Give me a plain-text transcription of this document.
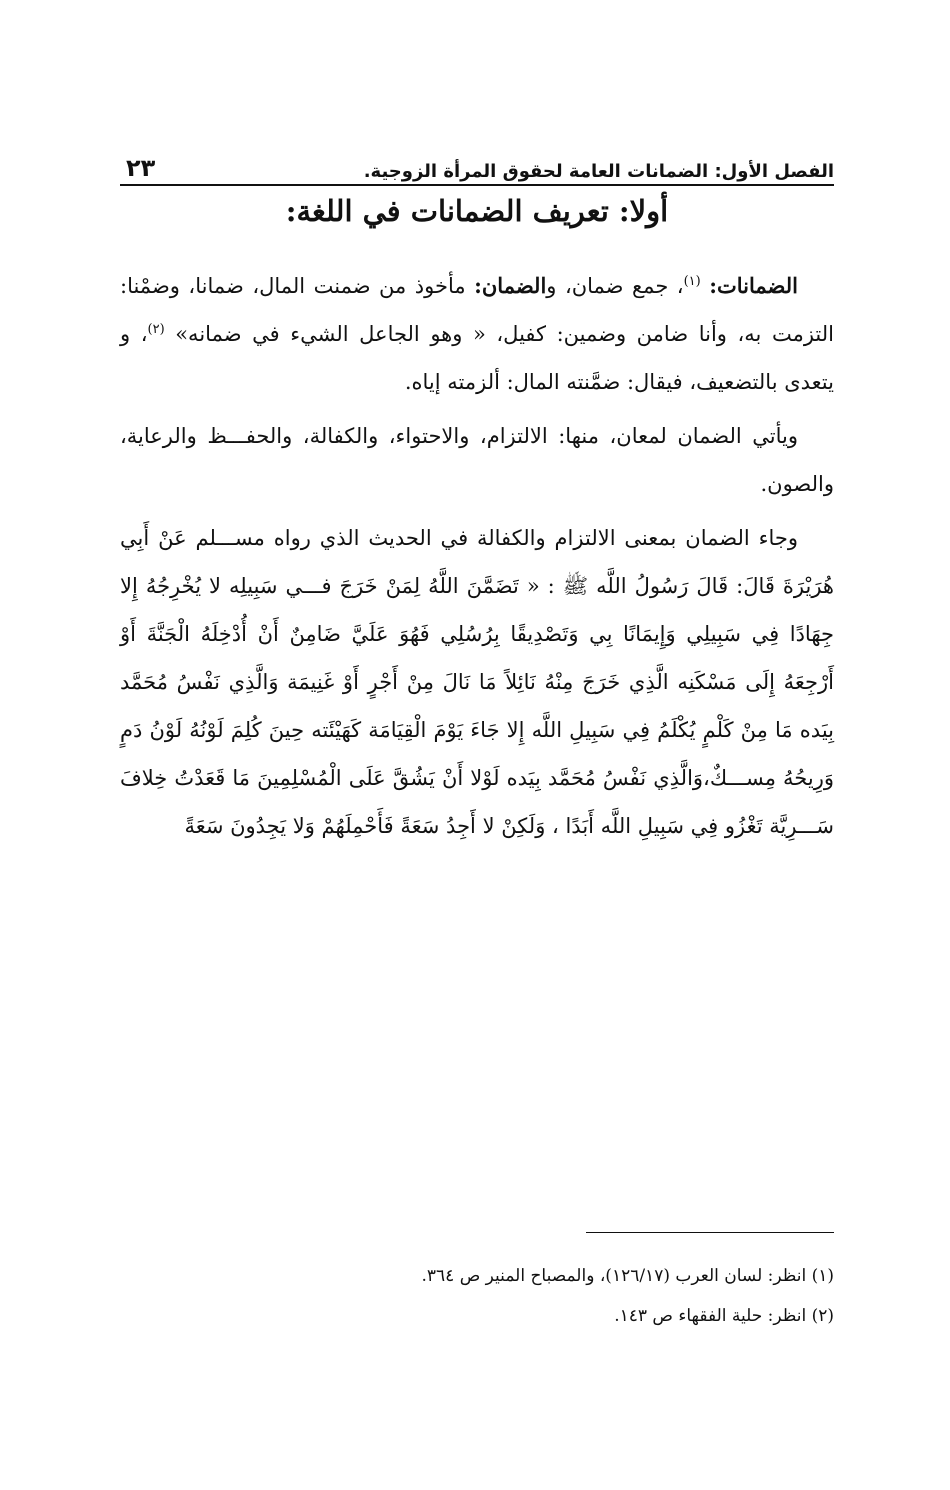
الفصل الأول: الضمانات العامة لحقوق المرأة الزوجية.
٢٣
أولا: تعريف الضمانات في اللغة:

الضمانات: $^{(١)}$، جمع ضمان، والضمان: مأخوذ من ضمنت المال، ضمانا، وضمْنا: التزمت به، وأنا ضامن وضمين: كفيل، « وهو الجاعل الشيء في ضمانه» $^{(٢)}$، و يتعدى بالتضعيف، فيقال: ضمَّنته المال: ألزمته إياه.

ويأتي الضمان لمعان، منها: الالتزام، والاحتواء، والكفالة، والحفـــظ والرعاية، والصون.

وجاء الضمان بمعنى الالتزام والكفالة في الحديث الذي رواه مســـلم عَنْ أَبِي هُرَيْرَةَ قَالَ: قَالَ رَسُولُ اللَّه ﷺ : « تَضَمَّنَ اللَّهُ لِمَنْ خَرَجَ فـــي سَبِيلِه لا يُخْرِجُهُ إِلا جِهَادًا فِي سَبِيلِي وَإِيمَانًا بِي وَتَصْدِيقًا بِرُسُلِي فَهُوَ عَلَيَّ ضَامِنٌ أَنْ أُدْخِلَهُ الْجَنَّةَ أَوْ أَرْجِعَهُ إِلَى مَسْكَنِه الَّذِي خَرَجَ مِنْهُ نَائِلاً مَا نَالَ مِنْ أَجْرٍ أَوْ غَنِيمَة وَالَّذِي نَفْسُ مُحَمَّد بِيَده مَا مِنْ كَلْمٍ يُكْلَمُ فِي سَبِيلِ اللَّه إِلا جَاءَ يَوْمَ الْقِيَامَة كَهَيْئَته حِينَ كُلِمَ لَوْنُهُ لَوْنُ دَمٍ وَرِيحُهُ مِســـكٌ،وَالَّذِي نَفْسُ مُحَمَّد بِيَده لَوْلا أَنْ يَشُقَّ عَلَى الْمُسْلِمِينَ مَا قَعَدْتُ خِلافَ سَـــرِيَّة تَغْزُو فِي سَبِيلِ اللَّه أَبَدًا ، وَلَكِنْ لا أَجِدُ سَعَةً فَأَحْمِلَهُمْ وَلا يَجِدُونَ سَعَةً

(١) انظر: لسان العرب (١٢٦/١٧)، والمصباح المنير ص ٣٦٤.
(٢) انظر: حلية الفقهاء ص ١٤٣.
